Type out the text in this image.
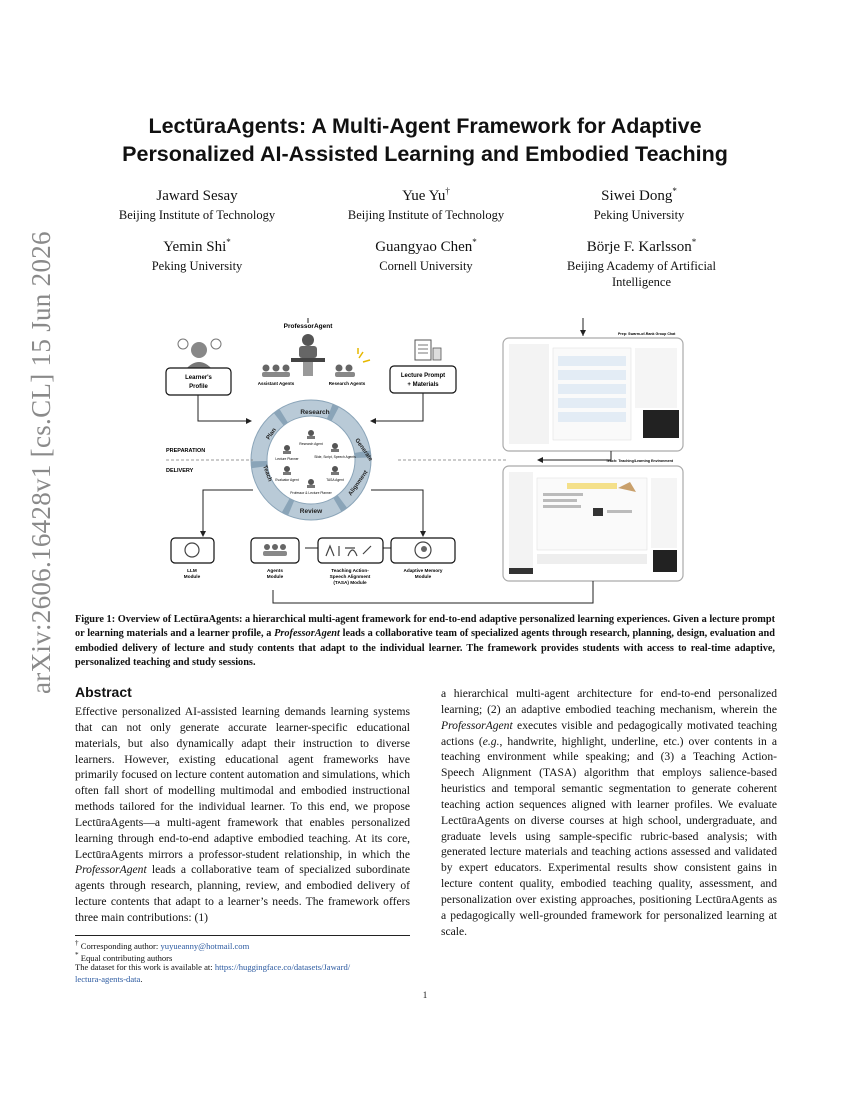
arXiv:2606.16428v1 [cs.CL] 15 Jun 2026
LectūraAgents: A Multi-Agent Framework for Adaptive
Personalized AI-Assisted Learning and Embodied Teaching
Jaward Sesay
Beijing Institute of Technology
Yue Yu†
Beijing Institute of Technology
Siwei Dong*
Peking University
Yemin Shi*
Peking University
Guangyao Chen*
Cornell University
Börje F. Karlsson*
Beijing Academy of Artificial Intelligence
ProfessorAgent
Assistant Agents	Research Agents
Learner's
Profile
Lecture Prompt
+ Materials
Research
Generate
Alignment
Review
Teach
Plan
Research Agent
Lecture Planner	Slide, Script, Speech Agents
Evaluator Agent	TASA Agent
Professor & Lecture Planner
PREPARATION
DELIVERY
LLM
Module
Agents
Module
Teaching Action-
Speech Alignment
(TASA) Module
Adaptive Memory
Module
Prep: Swarm-of-Rank Group Chat
Teach: Teaching/Learning Environment
Figure 1: Overview of LectūraAgents: a hierarchical multi-agent framework for end-to-end adaptive personalized learning experiences. Given a lecture prompt or learning materials and a learner profile, a ProfessorAgent leads a collaborative team of specialized agents through research, planning, design, evaluation and embodied delivery of lecture and study contents that adapt to the individual learner. The framework provides students with access to real-time adaptive, personalized teaching and study sessions.
Abstract
Effective personalized AI-assisted learning demands learning systems that can not only generate accurate learner-specific educational materials, but also dynamically adapt their instruction to diverse learners. However, existing educational agent frameworks have primarily focused on lecture content automation and simulations, which often fall short of modelling multimodal and embodied instructional methods tailored for the individual learner. To this end, we propose LectūraAgents—a multi-agent framework that enables personalized learning through end-to-end adaptive embodied teaching. At its core, LectūraAgents mirrors a professor-student relationship, in which the ProfessorAgent leads a collaborative team of specialized subordinate agents through research, planning, review, and embodied delivery of lecture contents that adapt to a learner’s needs. The framework offers three main contributions: (1)
a hierarchical multi-agent architecture for end-to-end personalized learning; (2) an adaptive embodied teaching mechanism, wherein the ProfessorAgent executes visible and pedagogically motivated teaching actions (e.g., handwrite, highlight, underline, etc.) over contents in a teaching environment while speaking; and (3) a Teaching Action-Speech Alignment (TASA) algorithm that employs salience-based heuristics and temporal semantic segmentation to generate coherent teaching action sequences aligned with learner profiles. We evaluate LectūraAgents on diverse courses at high school, undergraduate, and graduate levels using sample-specific rubric-based analysis; with generated lecture materials and teaching actions assessed and validated by expert educators. Experimental results show consistent gains in lecture content quality, embodied teaching quality, assessment, and personalization over existing approaches, positioning LectūraAgents as a pedagogically well-grounded framework for personalized learning at scale.
† Corresponding author: yuyueanny@hotmail.com
* Equal contributing authors
The dataset for this work is available at: https://huggingface.co/datasets/Jaward/
lectura-agents-data.
1
